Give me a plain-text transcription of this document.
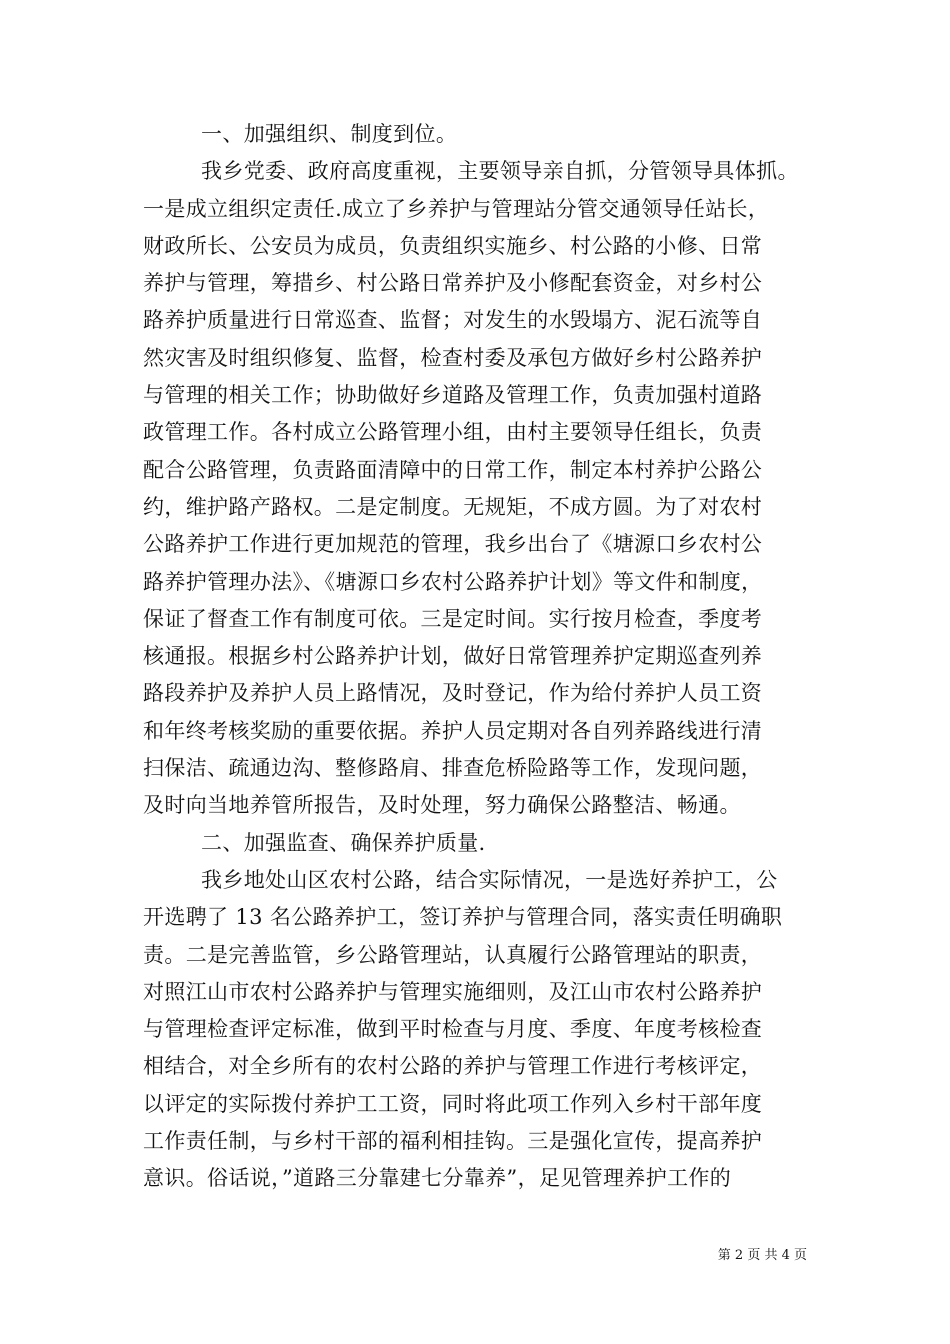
一、加强组织、制度到位。
我乡党委、政府高度重视，主要领导亲自抓，分管领导具体抓。
一是成立组织定责任.成立了乡养护与管理站分管交通领导任站长，
财政所长、公安员为成员，负责组织实施乡、村公路的小修、日常
养护与管理，筹措乡、村公路日常养护及小修配套资金，对乡村公
路养护质量进行日常巡查、监督；对发生的水毁塌方、泥石流等自
然灾害及时组织修复、监督，检查村委及承包方做好乡村公路养护
与管理的相关工作；协助做好乡道路及管理工作，负责加强村道路
政管理工作。各村成立公路管理小组，由村主要领导任组长，负责
配合公路管理，负责路面清障中的日常工作，制定本村养护公路公
约，维护路产路权。二是定制度。无规矩，不成方圆。为了对农村
公路养护工作进行更加规范的管理，我乡出台了《塘源口乡农村公
路养护管理办法》、《塘源口乡农村公路养护计划》等文件和制度，
保证了督查工作有制度可依。三是定时间。实行按月检查，季度考
核通报。根据乡村公路养护计划，做好日常管理养护定期巡查列养
路段养护及养护人员上路情况，及时登记，作为给付养护人员工资
和年终考核奖励的重要依据。养护人员定期对各自列养路线进行清
扫保洁、疏通边沟、整修路肩、排查危桥险路等工作，发现问题，
及时向当地养管所报告，及时处理，努力确保公路整洁、畅通。
二、加强监查、确保养护质量.
我乡地处山区农村公路，结合实际情况，一是选好养护工，公
开选聘了 13 名公路养护工，签订养护与管理合同，落实责任明确职
责。二是完善监管，乡公路管理站，认真履行公路管理站的职责，
对照江山市农村公路养护与管理实施细则，及江山市农村公路养护
与管理检查评定标准，做到平时检查与月度、季度、年度考核检查
相结合，对全乡所有的农村公路的养护与管理工作进行考核评定，
以评定的实际拨付养护工工资，同时将此项工作列入乡村干部年度
工作责任制，与乡村干部的福利相挂钩。三是强化宣传，提高养护
意识。俗话说，”道路三分靠建七分靠养”，足见管理养护工作的
第 2 页 共 4 页
